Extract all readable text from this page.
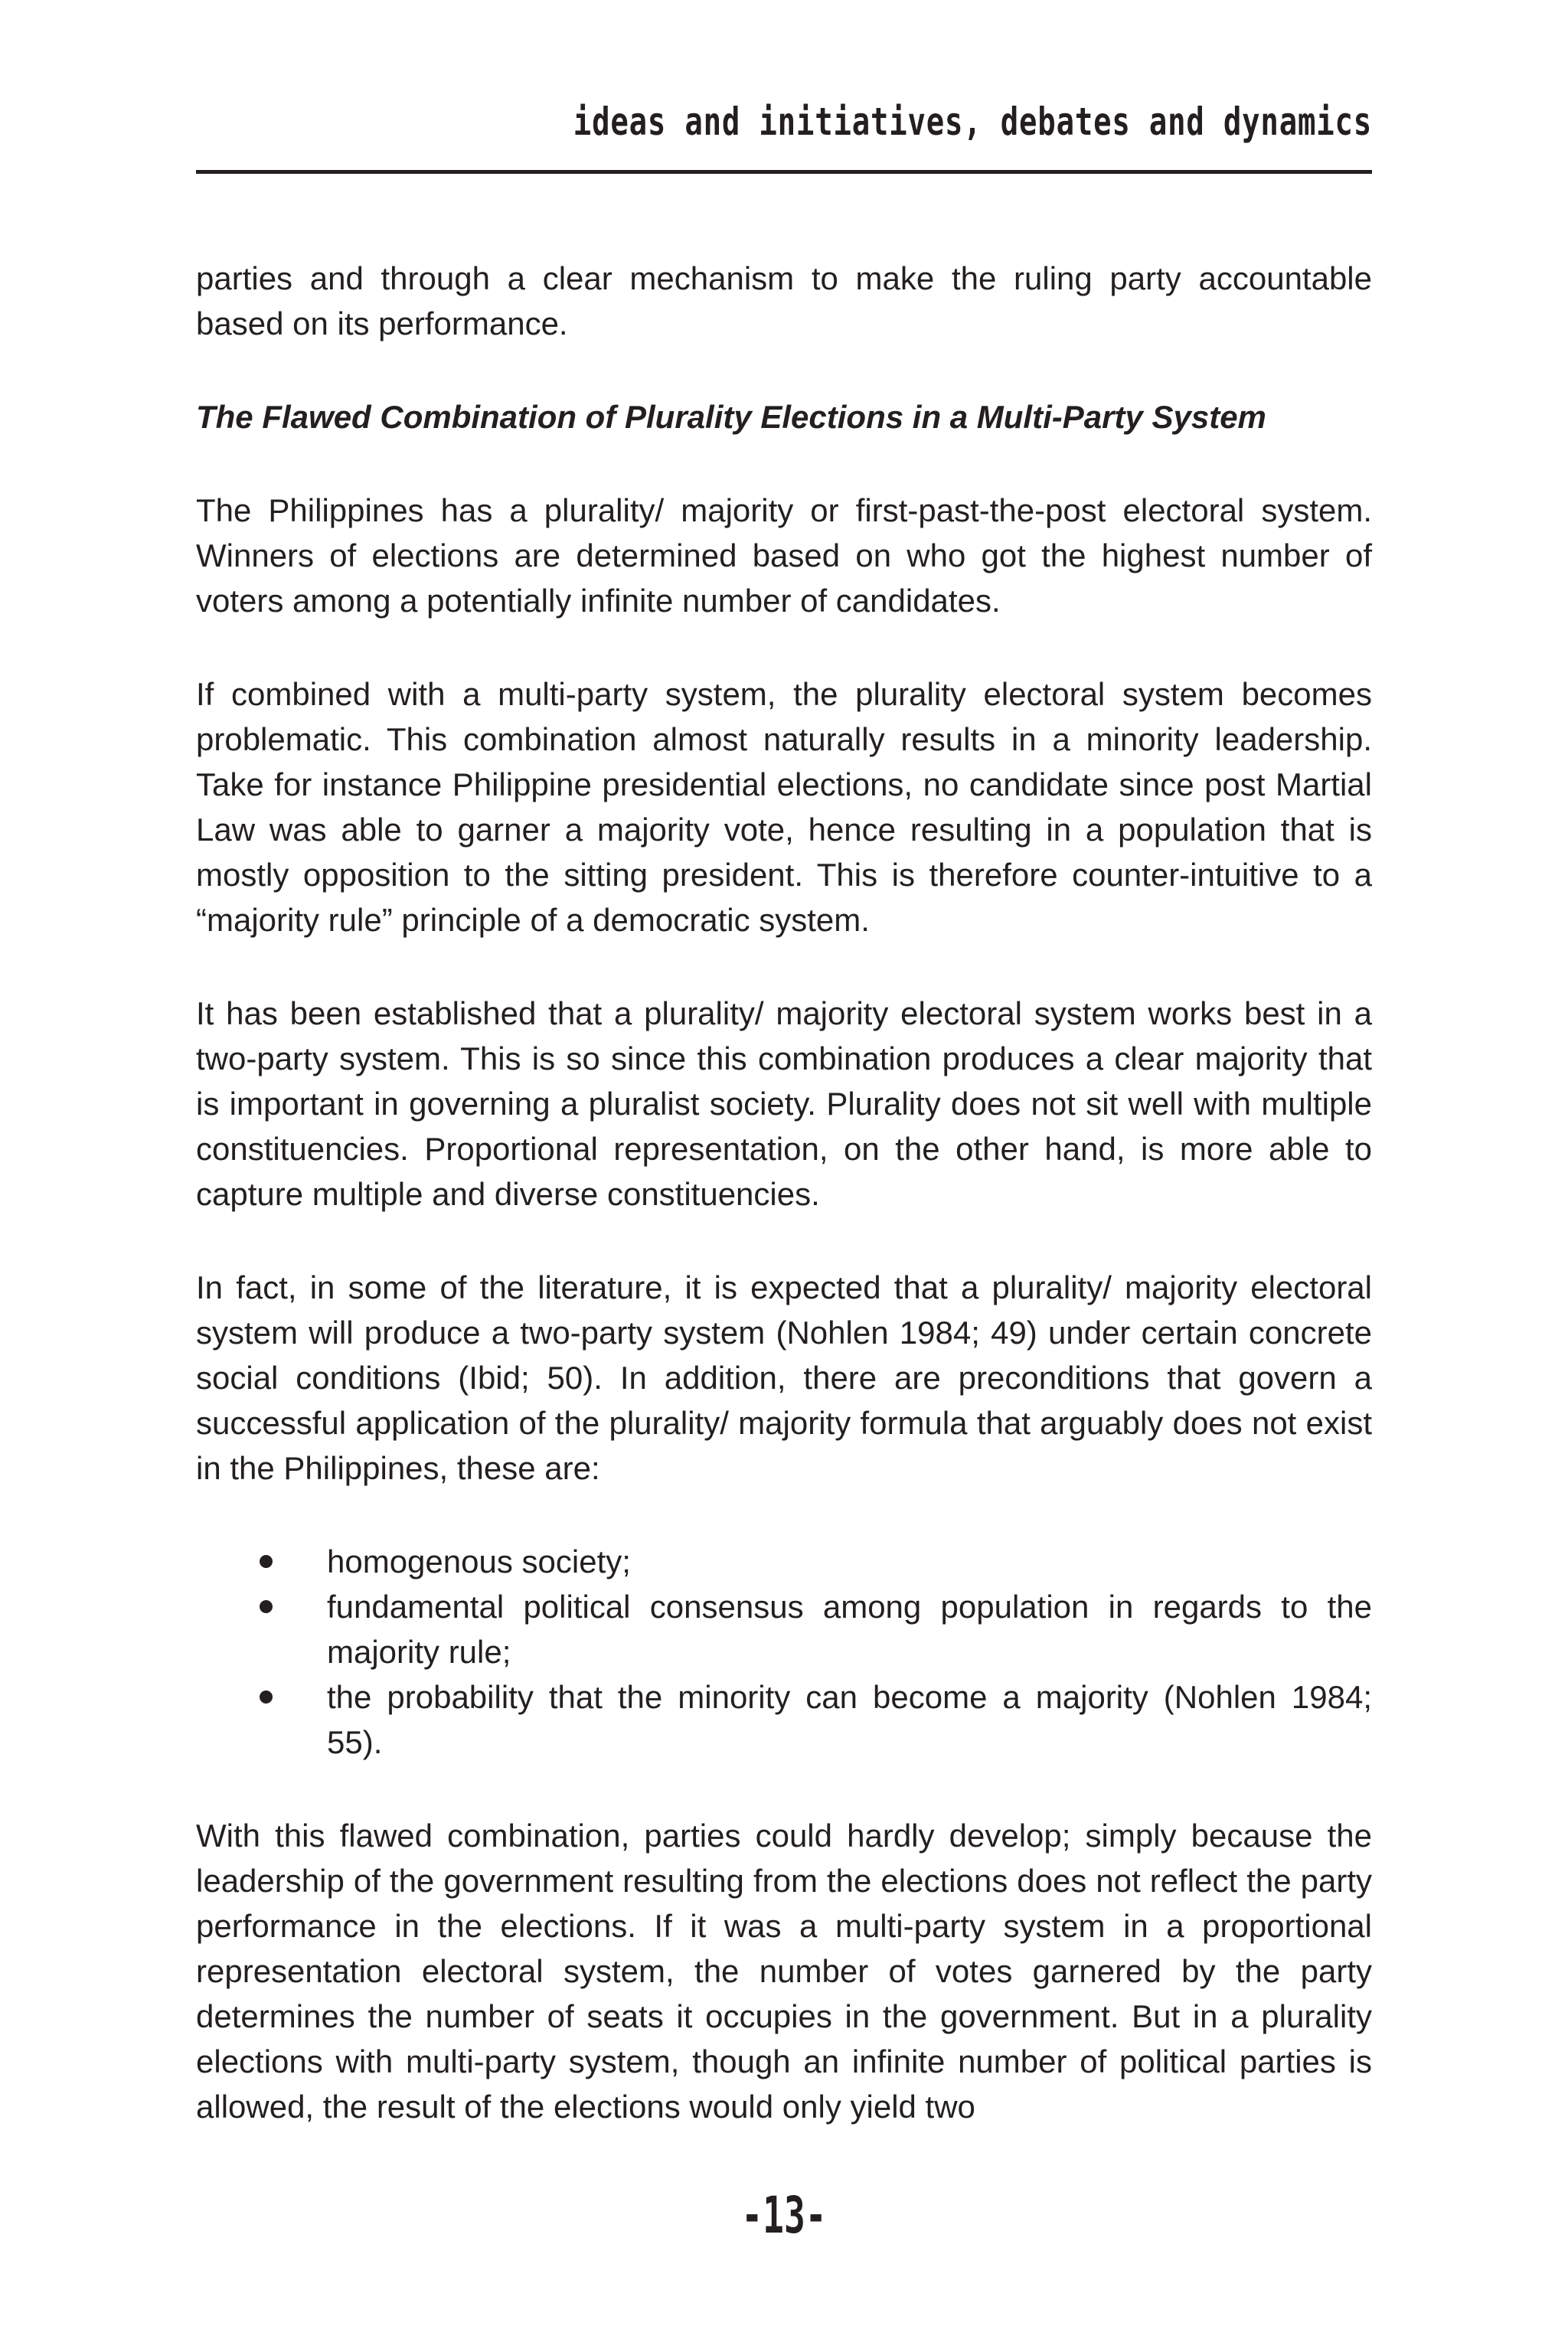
ideas and initiatives, debates and dynamics

parties and through a clear mechanism to make the ruling party accountable based on its performance.

The Flawed Combination of Plurality Elections in a Multi-Party System

The Philippines has a plurality/ majority or first-past-the-post electoral system. Winners of elections are determined based on who got the highest number of voters among a potentially infinite number of candidates.

If combined with a multi-party system, the plurality electoral system becomes problematic. This combination almost naturally results in a minority leadership. Take for instance Philippine presidential elections, no candidate since post Martial Law was able to garner a majority vote, hence resulting in a population that is mostly opposition to the sitting president. This is therefore counter-intuitive to a “majority rule” principle of a democratic system.

It has been established that a plurality/ majority electoral system works best in a two-party system. This is so since this combination produces a clear majority that is important in governing a pluralist society. Plurality does not sit well with multiple constituencies. Proportional representation, on the other hand, is more able to capture multiple and diverse constituencies.

In fact, in some of the literature, it is expected that a plurality/ majority electoral system will produce a two-party system (Nohlen 1984; 49) under certain concrete social conditions (Ibid; 50). In addition, there are preconditions that govern a successful application of the plurality/ majority formula that arguably does not exist in the Philippines, these are:

homogenous society;
fundamental political consensus among population in regards to the majority rule;
the probability that the minority can become a majority (Nohlen 1984; 55).

With this flawed combination, parties could hardly develop; simply because the leadership of the government resulting from the elections does not reflect the party performance in the elections. If it was a multi-party system in a proportional representation electoral system, the number of votes garnered by the party determines the number of seats it occupies in the government. But in a plurality elections with multi-party system, though an infinite number of political parties is allowed, the result of the elections would only yield two

-13-
